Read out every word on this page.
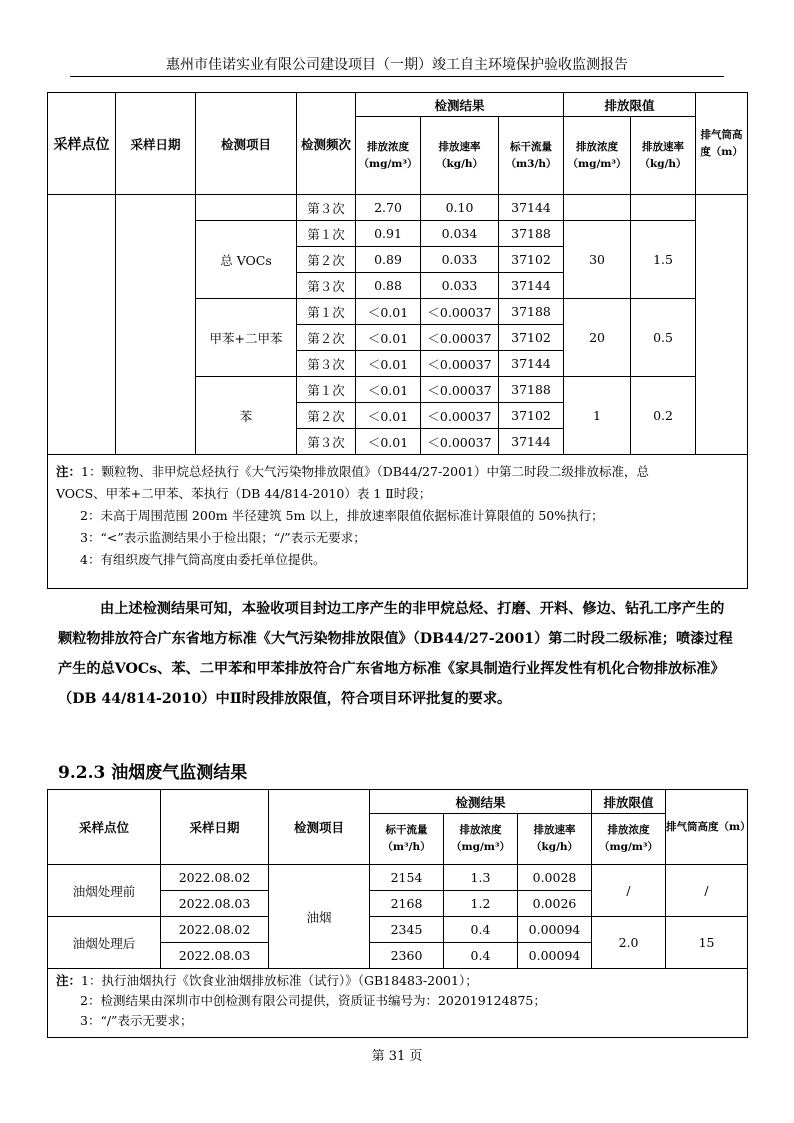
惠州市佳诺实业有限公司建设项目（一期）竣工自主环境保护验收监测报告
采样点位	采样日期	检测项目	检测频次	检测结果			排放限值		排气筒高度（m）
				排放浓度（mg/m³）	排放速率（kg/h）	标干流量（m3/h）	排放浓度（mg/m³）	排放速率（kg/h）	
			第３次	2.70	0.10	37144			
		总 VOCs	第１次	0.91	0.034	37188	30	1.5	
			第２次	0.89	0.033	37102			
			第３次	0.88	0.033	37144			
		甲苯+二甲苯	第１次	＜0.01	＜0.00037	37188	20	0.5	
			第２次	＜0.01	＜0.00037	37102			
			第３次	＜0.01	＜0.00037	37144			
		苯	第１次	＜0.01	＜0.00037	37188	1	0.2	
			第２次	＜0.01	＜0.00037	37102			
			第３次	＜0.01	＜0.00037	37144			

注：1：颗粒物、非甲烷总烃执行《大气污染物排放限值》（DB44/27-2001）中第二时段二级排放标准，总
VOCS、甲苯+二甲苯、苯执行（DB 44/814-2010）表 1 Ⅱ时段；
2：未高于周围范围 200m 半径建筑 5m 以上，排放速率限值依据标准计算限值的 50%执行；
3：“<”表示监测结果小于检出限；“/”表示无要求；
4：有组织废气排气筒高度由委托单位提供。									
由上述检测结果可知，本验收项目封边工序产生的非甲烷总烃、打磨、开料、修边、钻孔工序产生的颗粒物排放符合广东省地方标准《大气污染物排放限值》（DB44/27-2001）第二时段二级标准；喷漆过程产生的总VOCs、苯、二甲苯和甲苯排放符合广东省地方标准《家具制造行业挥发性有机化合物排放标准》（DB 44/814-2010）中Ⅱ时段排放限值，符合项目环评批复的要求。
9.2.3 油烟废气监测结果
采样点位	采样日期	检测项目	检测结果			排放限值	排气筒高度（m）
			标干流量（m³/h）	排放浓度（mg/m³）	排放速率（kg/h）	排放浓度（mg/m³）	
油烟处理前	2022.08.02	油烟	2154	1.3	0.0028	/	/
	2022.08.03		2168	1.2	0.0026		
油烟处理后	2022.08.02		2345	0.4	0.00094	2.0	15
	2022.08.03		2360	0.4	0.00094		

注：1：执行油烟执行《饮食业油烟排放标准（试行）》（GB18483-2001）；
2：检测结果由深圳市中创检测有限公司提供，资质证书编号为：202019124875；
3：“/”表示无要求；							
第 31 页
